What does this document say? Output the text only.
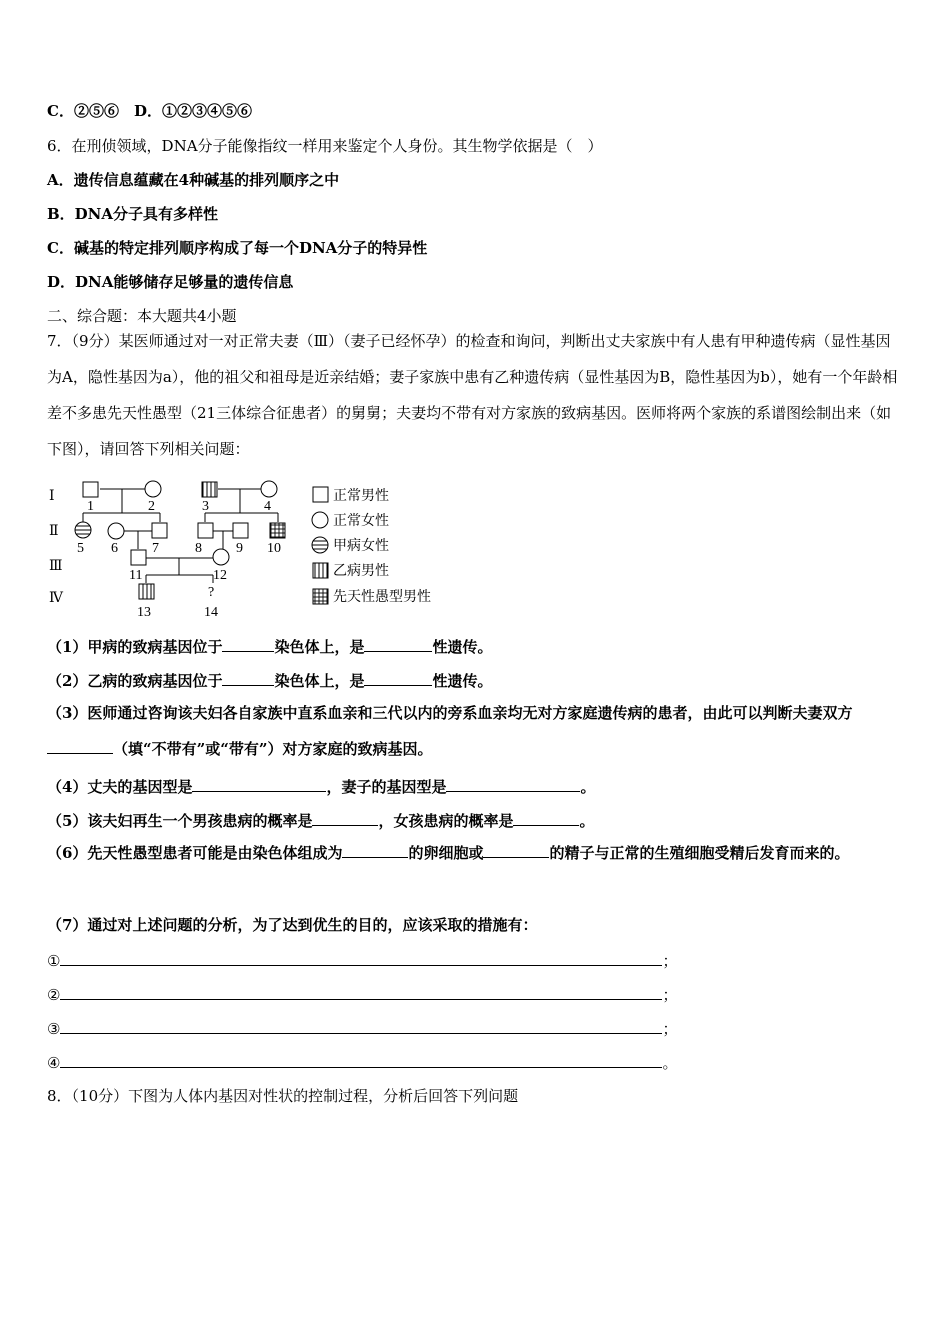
C．②⑤⑥　D．①②③④⑤⑥
6．在刑侦领域，DNA分子能像指纹一样用来鉴定个人身份。其生物学依据是（　）
A．遗传信息蕴藏在4种碱基的排列顺序之中
B．DNA分子具有多样性
C．碱基的特定排列顺序构成了每一个DNA分子的特异性
D．DNA能够储存足够量的遗传信息
二、综合题：本大题共4小题
7．（9分）某医师通过对一对正常夫妻（Ⅲ）（妻子已经怀孕）的检查和询问，判断出丈夫家族中有人患有甲种遗传病（显性基因为A，隐性基因为a），他的祖父和祖母是近亲结婚；妻子家族中患有乙种遗传病（显性基因为B，隐性基因为b），她有一个年龄相差不多患先天性愚型（21三体综合征患者）的舅舅；夫妻均不带有对方家族的致病基因。医师将两个家族的系谱图绘制出来（如下图），请回答下列相关问题：
Ⅰ
Ⅱ
Ⅲ
Ⅳ
1	2	3	4
5 6 7	8 9 10
11	12
13
?
14
正常男性
正常女性
甲病女性
乙病男性
先天性愚型男性
（1）甲病的致病基因位于	染色体上，是	性遗传。
（2）乙病的致病基因位于	染色体上，是	性遗传。
（3）医师通过咨询该夫妇各自家族中直系血亲和三代以内的旁系血亲均无对方家庭遗传病的患者，由此可以判断夫妻双方（填“不带有”或“带有”）对方家庭的致病基因。
（4）丈夫的基因型是	，妻子的基因型是	。
（5）该夫妇再生一个男孩患病的概率是	，女孩患病的概率是	。
（6）先天性愚型患者可能是由染色体组成为	的卵细胞或	的精子与正常的生殖细胞受精后发育而来的。
（7）通过对上述问题的分析，为了达到优生的目的，应该采取的措施有：
①	；
②	；
③	；
④	。
8．（10分）下图为人体内基因对性状的控制过程，分析后回答下列问题
